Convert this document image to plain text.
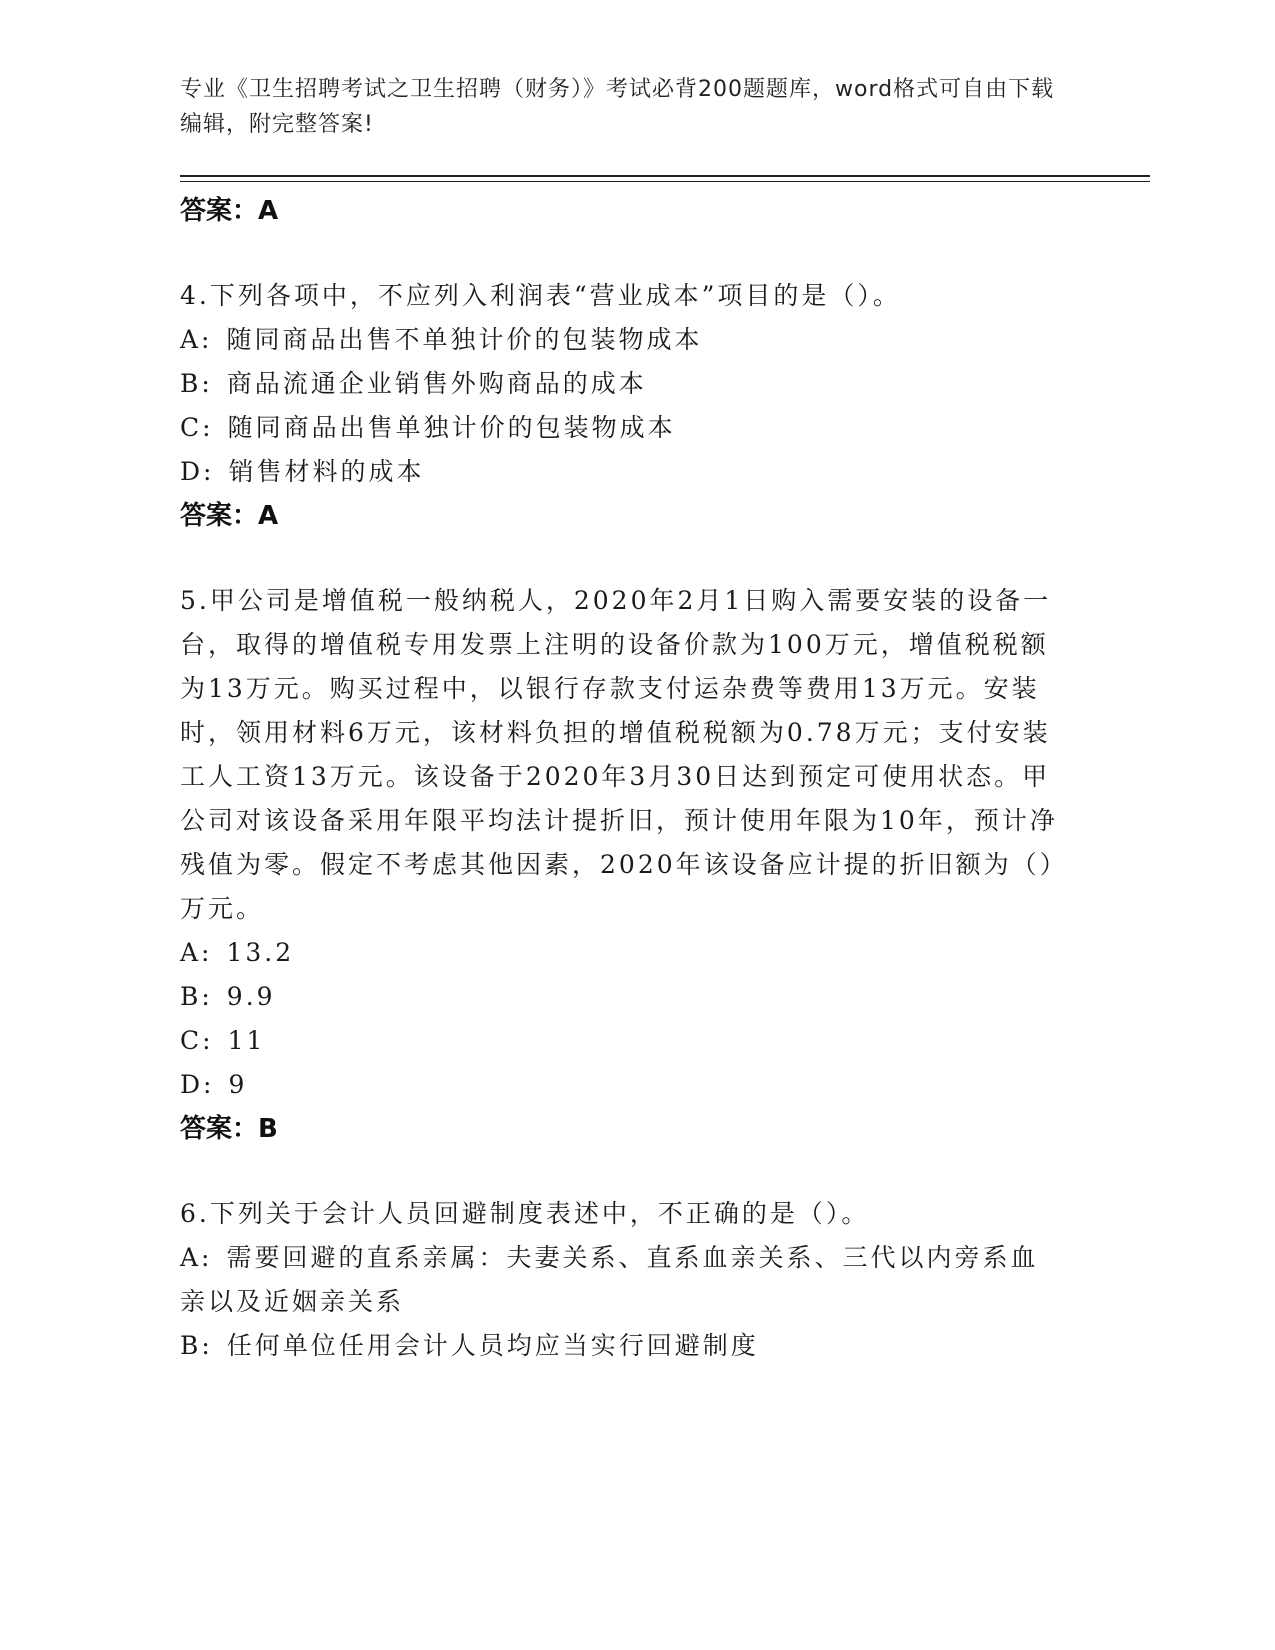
专业《卫生招聘考试之卫生招聘（财务）》考试必背200题题库，word格式可自由下载编辑，附完整答案!
答案：A

4.下列各项中，不应列入利润表“营业成本”项目的是（）。

A: 随同商品出售不单独计价的包装物成本

B: 商品流通企业销售外购商品的成本

C: 随同商品出售单独计价的包装物成本

D: 销售材料的成本

答案：A

5.甲公司是增值税一般纳税人，2020年2月1日购入需要安装的设备一台，取得的增值税专用发票上注明的设备价款为100万元，增值税税额为13万元。购买过程中，以银行存款支付运杂费等费用13万元。安装时，领用材料6万元，该材料负担的增值税税额为0.78万元；支付安装工人工资13万元。该设备于2020年3月30日达到预定可使用状态。甲公司对该设备采用年限平均法计提折旧，预计使用年限为10年，预计净残值为零。假定不考虑其他因素，2020年该设备应计提的折旧额为（）万元。

A: 13.2

B: 9.9

C: 11

D: 9

答案：B

6.下列关于会计人员回避制度表述中，不正确的是（）。

A: 需要回避的直系亲属：夫妻关系、直系血亲关系、三代以内旁系血亲以及近姻亲关系

B: 任何单位任用会计人员均应当实行回避制度
